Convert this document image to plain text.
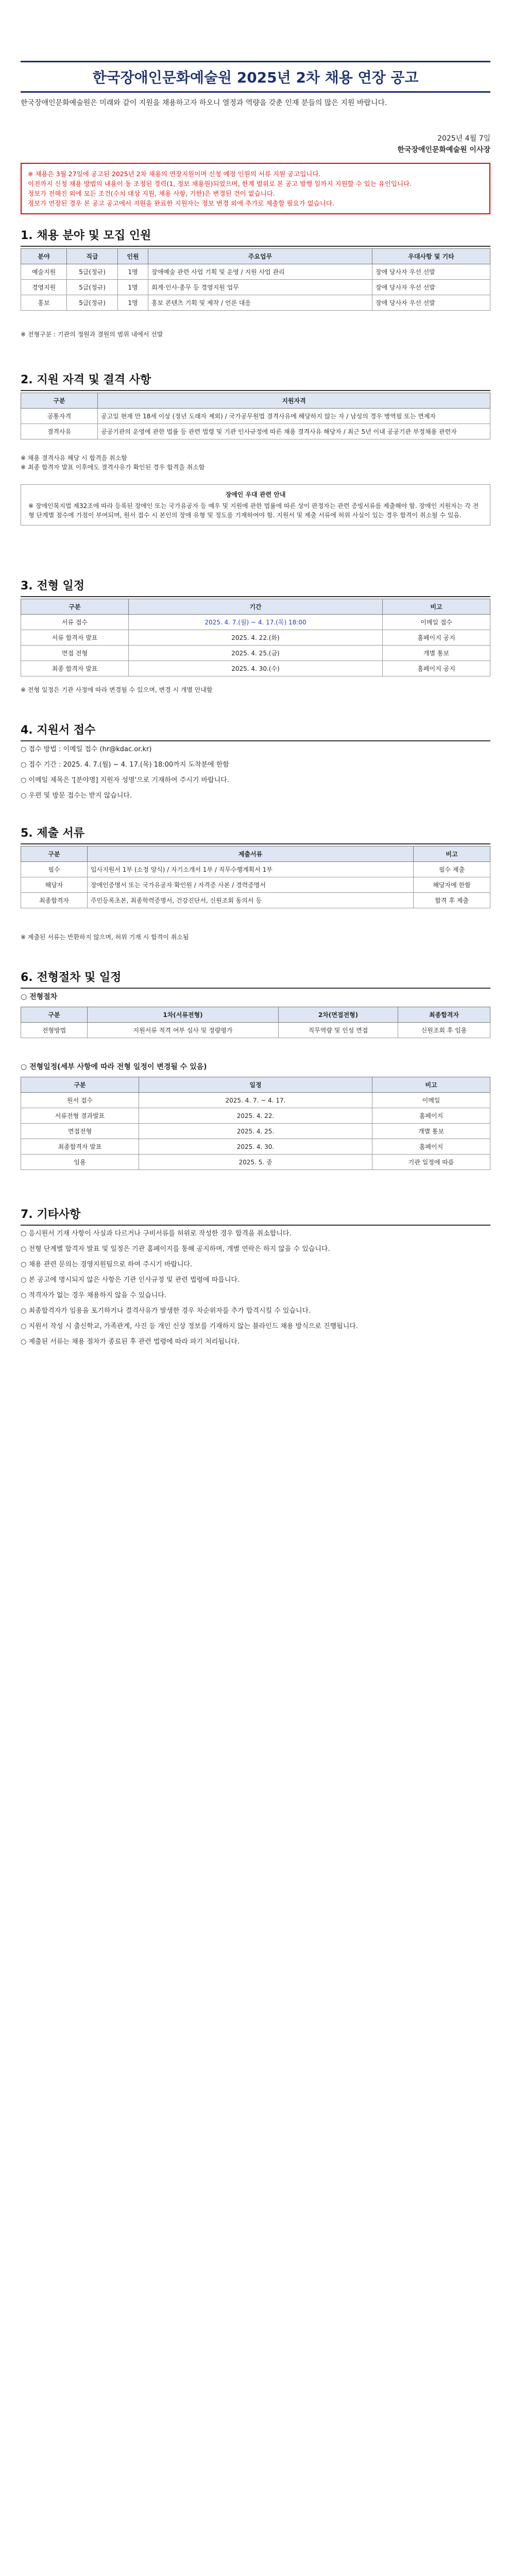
한국장애인문화예술원 2025년 2차 채용 연장 공고
한국장애인문화예술원은 미래와 같이 지원을 채용하고자 하오니 열정과 역량을 갖춘 인재 분들의 많은 지원 바랍니다.
2025년 4월 7일
한국장애인문화예술원 이사장
※ 채용은 3월 27일에 공고된 2025년 2차 채용의 연장지원이며 신청 예정 인원의 서류 지원 공고입니다.
이전까지 신청 채용 방법의 내용이 동 조정된 경력(1, 정보 채용원)되었으며, 한계 범위로 본 공고 발행 일까지 지원할 수 있는 유인입니다.
정보가 전해진 외에 모든 조건(수치 대상 지원, 채용 사항, 기한)은 변경된 건이 없습니다.
정보가 연장된 경우 본 공고 공고에서 지원을 완료한 지원자는 정보 변경 외에 추가로 제출할 필요가 없습니다.
1. 채용 분야 및 모집 인원
분야	직급	인원	주요업무	우대사항 및 기타
예술지원	5급(정규)	1명	장애예술 관련 사업 기획 및 운영 / 지원 사업 관리	장애 당사자 우선 선발
경영지원	5급(정규)	1명	회계·인사·총무 등 경영지원 업무	장애 당사자 우선 선발
홍보	5급(정규)	1명	홍보 콘텐츠 기획 및 제작 / 언론 대응	장애 당사자 우선 선발
※ 전형구분 : 기관의 정원과 결원의 범위 내에서 선발
2. 지원 자격 및 결격 사항
구분	지원자격
공통자격	공고일 현재 만 18세 이상 (정년 도래자 제외) / 국가공무원법 결격사유에 해당하지 않는 자 / 남성의 경우 병역필 또는 면제자
결격사유	공공기관의 운영에 관한 법률 등 관련 법령 및 기관 인사규정에 따른 채용 결격사유 해당자 / 최근 5년 이내 공공기관 부정채용 관련자
※ 채용 결격사유 해당 시 합격을 취소함
※ 최종 합격자 발표 이후에도 결격사유가 확인된 경우 합격을 취소함
장애인 우대 관련 안내
※ 장애인복지법 제32조에 따라 등록된 장애인 또는 국가유공자 등 예우 및 지원에 관한 법률에 따른 상이 판정자는 관련 증빙서류를 제출해야 함. 장애인 지원자는 각 전형 단계별 점수에 가점이 부여되며, 원서 접수 시 본인의 장애 유형 및 정도를 기재하여야 함. 지원서 및 제출 서류에 허위 사실이 있는 경우 합격이 취소될 수 있음.
3. 전형 일정
구분	기간	비고
서류 접수	2025. 4. 7.(월) ~ 4. 17.(목) 18:00	이메일 접수
서류 합격자 발표	2025. 4. 22.(화)	홈페이지 공지
면접 전형	2025. 4. 25.(금)	개별 통보
최종 합격자 발표	2025. 4. 30.(수)	홈페이지 공지
※ 전형 일정은 기관 사정에 따라 변경될 수 있으며, 변경 시 개별 안내함
4. 지원서 접수

○ 접수 방법 : 이메일 접수 (hr@kdac.or.kr)

○ 접수 기간 : 2025. 4. 7.(월) ~ 4. 17.(목) 18:00까지 도착분에 한함

○ 이메일 제목은 '[분야명] 지원자 성명'으로 기재하여 주시기 바랍니다.

○ 우편 및 방문 접수는 받지 않습니다.

5. 제출 서류
구분	제출서류	비고
필수	입사지원서 1부 (소정 양식) / 자기소개서 1부 / 직무수행계획서 1부	필수 제출
해당자	장애인증명서 또는 국가유공자 확인원 / 자격증 사본 / 경력증명서	해당자에 한함
최종합격자	주민등록초본, 최종학력증명서, 건강진단서, 신원조회 동의서 등	합격 후 제출
※ 제출된 서류는 반환하지 않으며, 허위 기재 시 합격이 취소됨
6. 전형절차 및 일정
○ 전형절차
구분	1차(서류전형)	2차(면접전형)	최종합격자
전형방법	지원서류 적격 여부 심사 및 정량평가	직무역량 및 인성 면접	신원조회 후 임용
○ 전형일정(세부 사항에 따라 전형 일정이 변경될 수 있음)
구분	일정	비고
원서 접수	2025. 4. 7. ~ 4. 17.	이메일
서류전형 결과발표	2025. 4. 22.	홈페이지
면접전형	2025. 4. 25.	개별 통보
최종합격자 발표	2025. 4. 30.	홈페이지
임용	2025. 5. 중	기관 일정에 따름
7. 기타사항

○ 응시원서 기재 사항이 사실과 다르거나 구비서류를 허위로 작성한 경우 합격을 취소합니다.

○ 전형 단계별 합격자 발표 및 일정은 기관 홈페이지를 통해 공지하며, 개별 연락은 하지 않을 수 있습니다.

○ 채용 관련 문의는 경영지원팀으로 하여 주시기 바랍니다.

○ 본 공고에 명시되지 않은 사항은 기관 인사규정 및 관련 법령에 따릅니다.

○ 적격자가 없는 경우 채용하지 않을 수 있습니다.

○ 최종합격자가 임용을 포기하거나 결격사유가 발생한 경우 차순위자를 추가 합격시킬 수 있습니다.

○ 지원서 작성 시 출신학교, 가족관계, 사진 등 개인 신상 정보를 기재하지 않는 블라인드 채용 방식으로 진행됩니다.

○ 제출된 서류는 채용 절차가 종료된 후 관련 법령에 따라 파기 처리됩니다.
